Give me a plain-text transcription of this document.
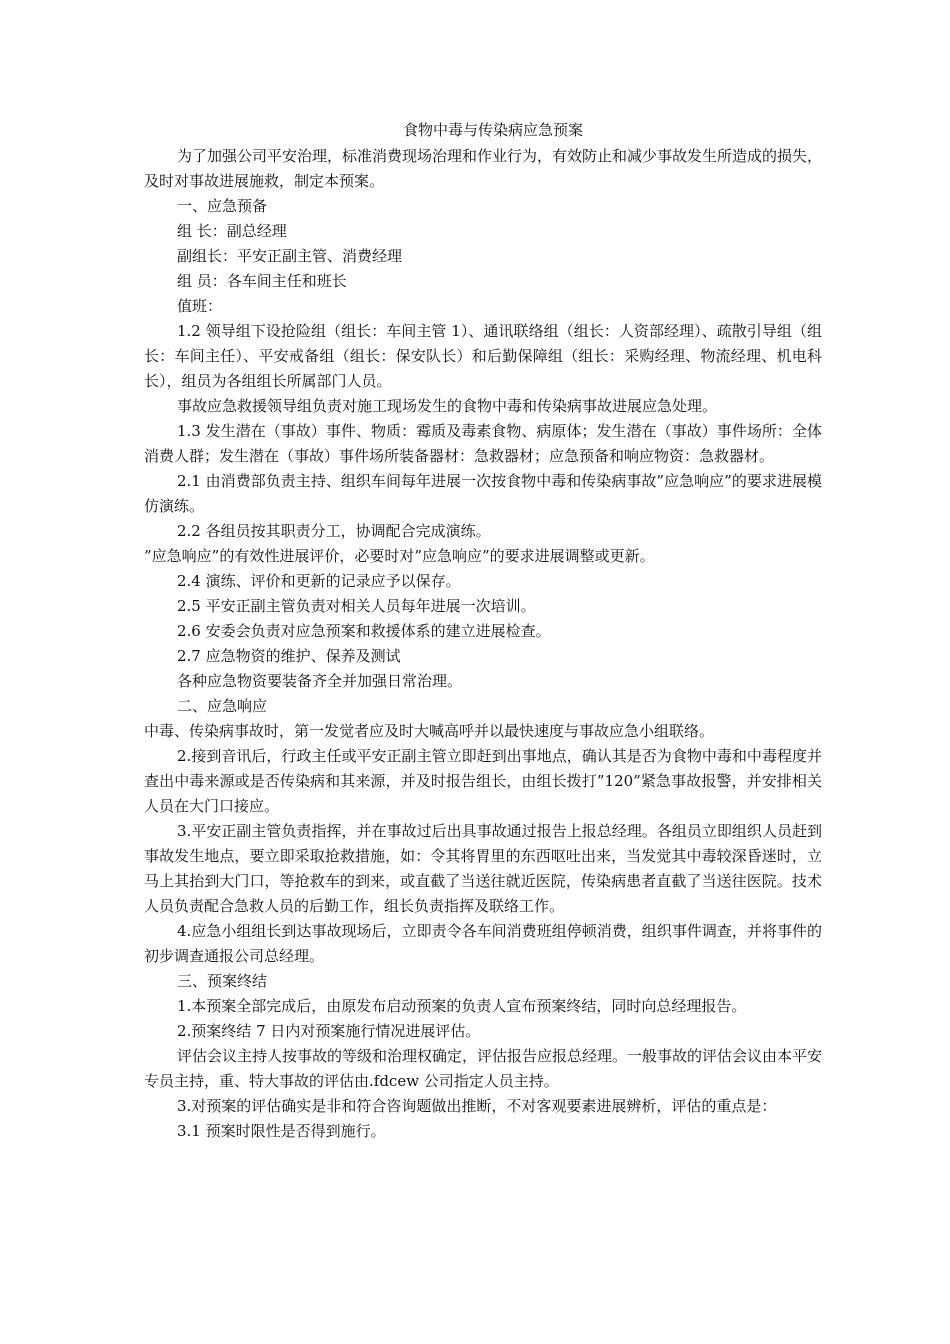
食物中毒与传染病应急预案

为了加强公司平安治理，标准消费现场治理和作业行为，有效防止和减少事故发生所造成的损失，及时对事故进展施救，制定本预案。

一、应急预备

组 长：副总经理

副组长：平安正副主管、消费经理

组 员：各车间主任和班长

值班：

1.2 领导组下设抢险组（组长：车间主管 1）、通讯联络组（组长：人资部经理）、疏散引导组（组长：车间主任）、平安戒备组（组长：保安队长）和后勤保障组（组长：采购经理、物流经理、机电科长），组员为各组组长所属部门人员。

事故应急救援领导组负责对施工现场发生的食物中毒和传染病事故进展应急处理。

1.3 发生潜在（事故）事件、物质：霉质及毒素食物、病原体；发生潜在（事故）事件场所：全体消费人群；发生潜在（事故）事件场所装备器材：急救器材；应急预备和响应物资：急救器材。

2.1 由消费部负责主持、组织车间每年进展一次按食物中毒和传染病事故”应急响应”的要求进展模仿演练。

2.2 各组员按其职责分工，协调配合完成演练。

”应急响应”的有效性进展评价，必要时对”应急响应”的要求进展调整或更新。

2.4 演练、评价和更新的记录应予以保存。

2.5 平安正副主管负责对相关人员每年进展一次培训。

2.6 安委会负责对应急预案和救援体系的建立进展检查。

2.7 应急物资的维护、保养及测试

各种应急物资要装备齐全并加强日常治理。

二、应急响应

中毒、传染病事故时，第一发觉者应及时大喊高呼并以最快速度与事故应急小组联络。

2.接到音讯后，行政主任或平安正副主管立即赶到出事地点，确认其是否为食物中毒和中毒程度并查出中毒来源或是否传染病和其来源，并及时报告组长，由组长拨打”120”紧急事故报警，并安排相关人员在大门口接应。

3.平安正副主管负责指挥，并在事故过后出具事故通过报告上报总经理。各组员立即组织人员赶到事故发生地点，要立即采取抢救措施，如：令其将胃里的东西呕吐出来，当发觉其中毒较深昏迷时，立马上其抬到大门口，等抢救车的到来，或直截了当送往就近医院，传染病患者直截了当送往医院。技术人员负责配合急救人员的后勤工作，组长负责指挥及联络工作。

4.应急小组组长到达事故现场后，立即责令各车间消费班组停顿消费，组织事件调查，并将事件的初步调查通报公司总经理。

三、预案终结

1.本预案全部完成后，由原发布启动预案的负责人宣布预案终结，同时向总经理报告。

2.预案终结 7 日内对预案施行情况进展评估。

评估会议主持人按事故的等级和治理权确定，评估报告应报总经理。一般事故的评估会议由本平安专员主持，重、特大事故的评估由.fdcew 公司指定人员主持。

3.对预案的评估确实是非和符合咨询题做出推断，不对客观要素进展辨析，评估的重点是：

3.1 预案时限性是否得到施行。
